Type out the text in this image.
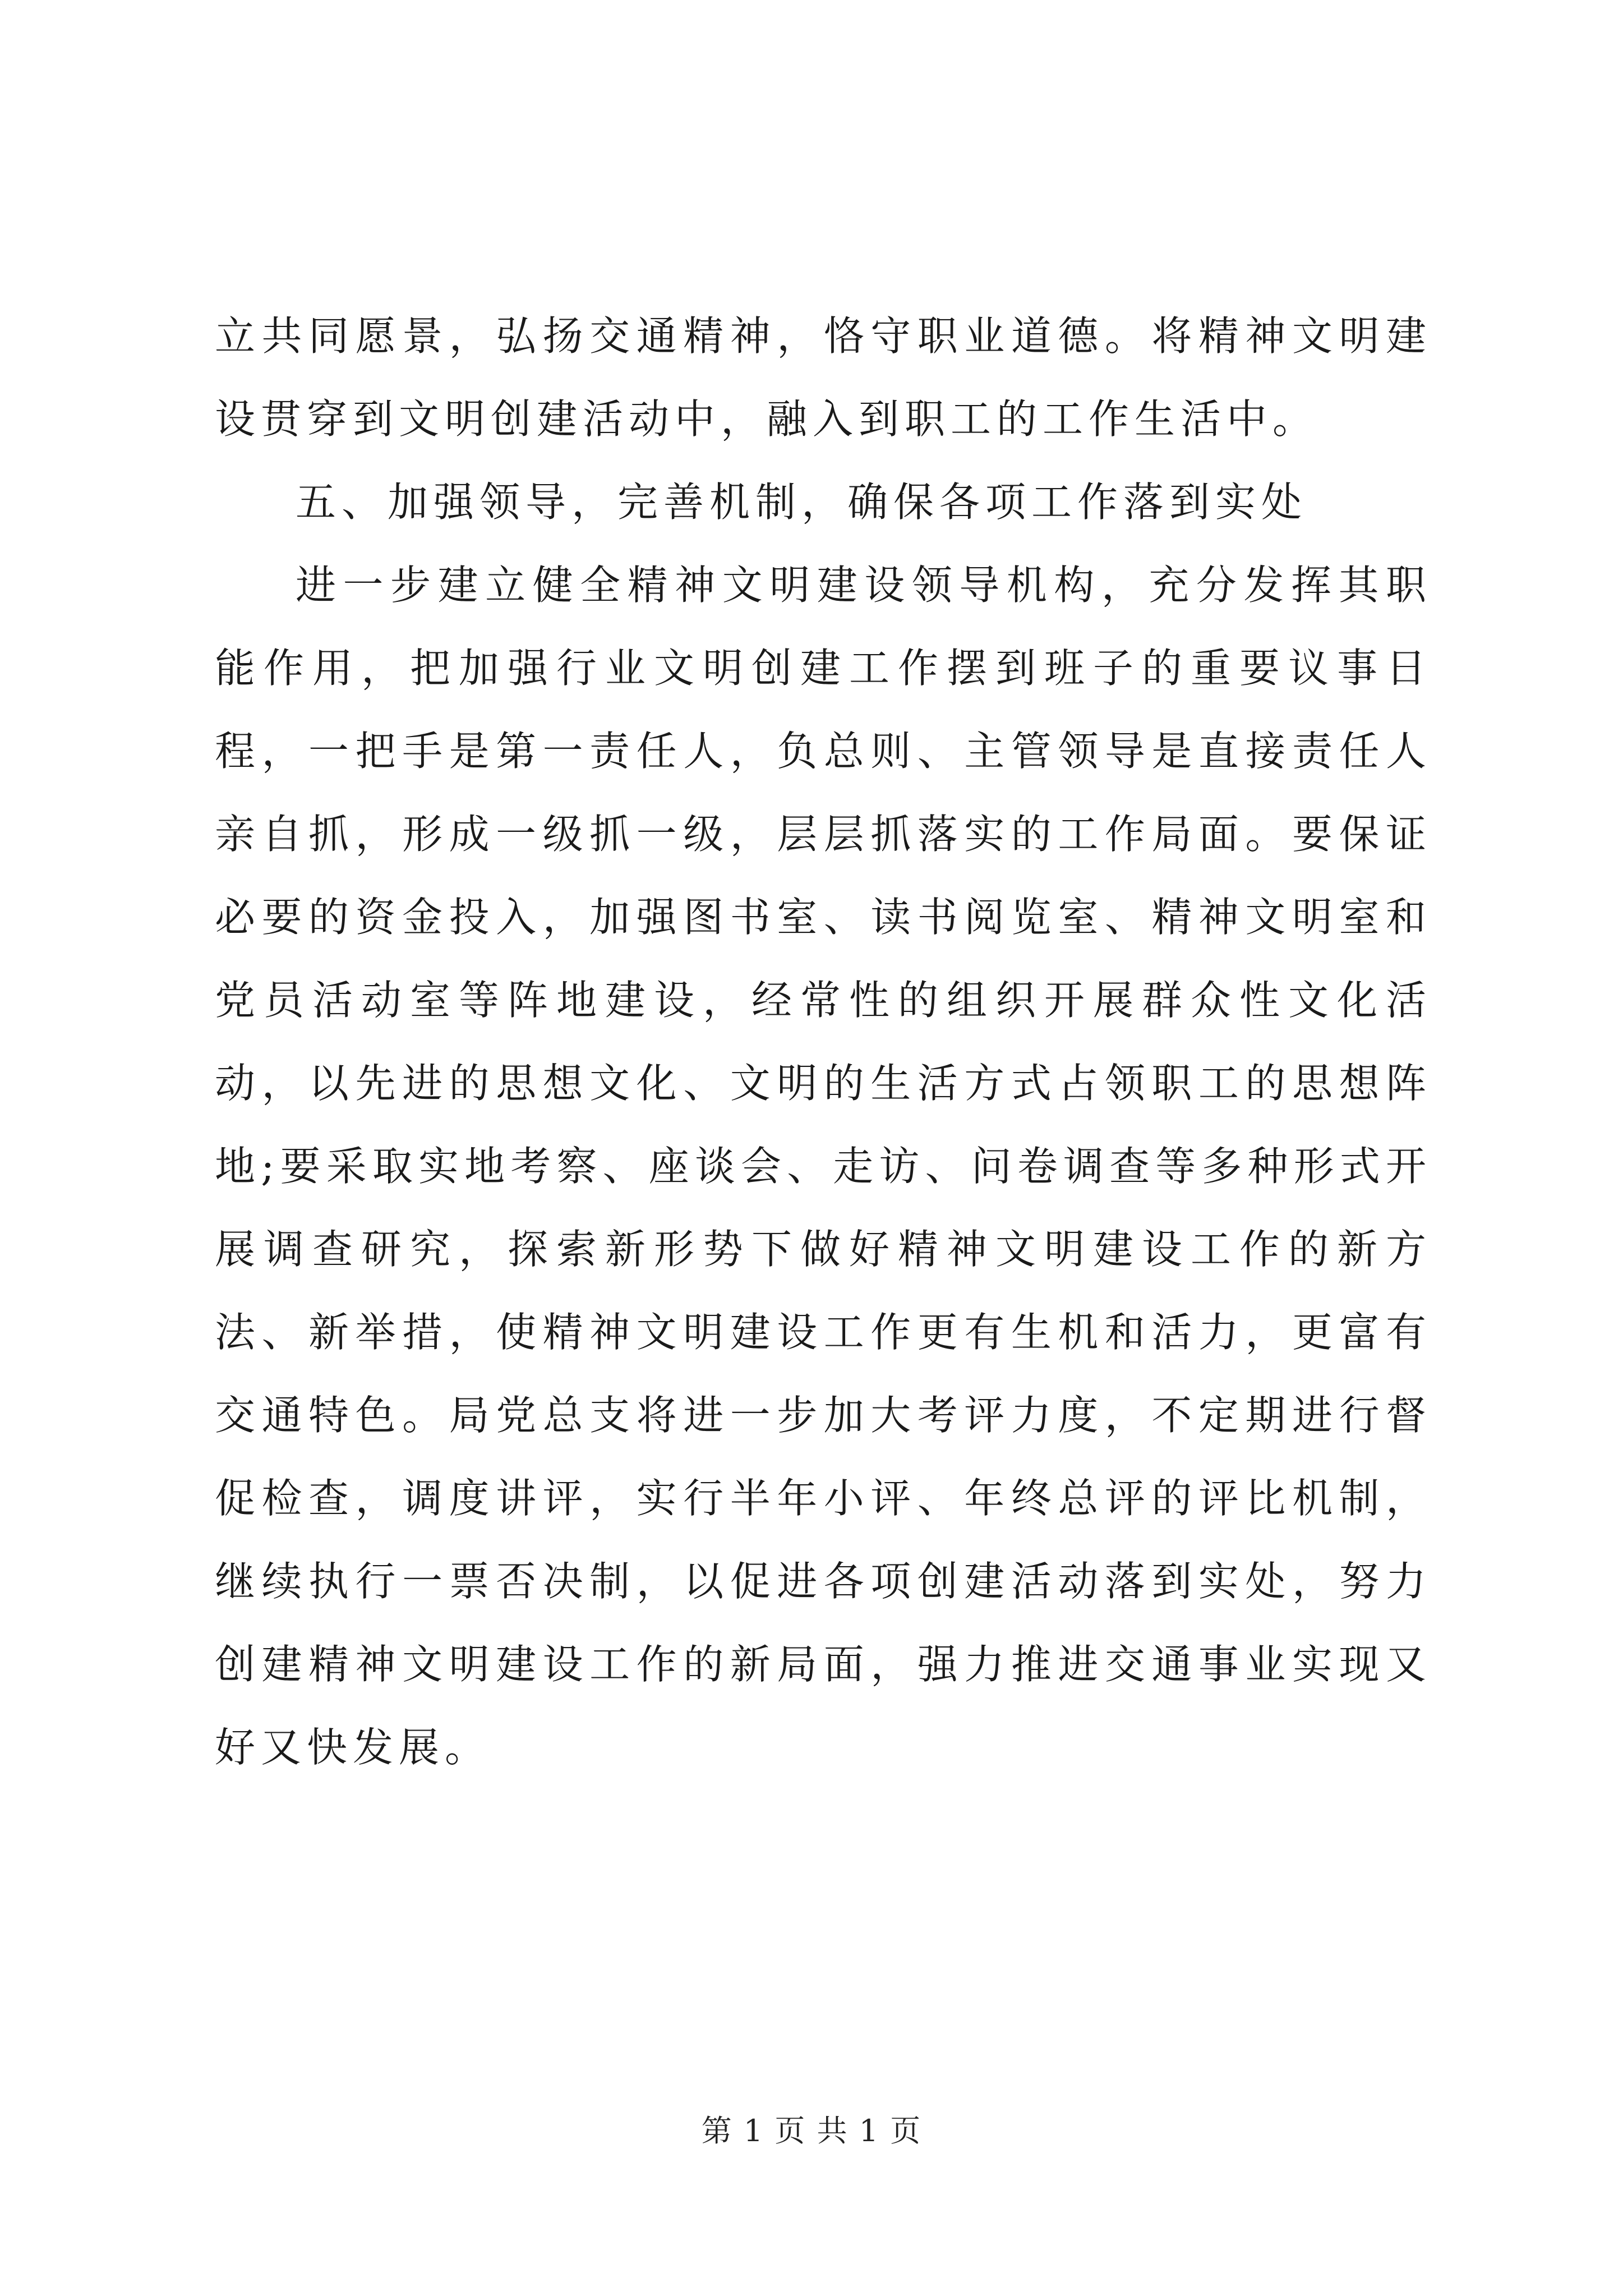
立共同愿景，弘扬交通精神，恪守职业道德。将精神文明建设贯穿到文明创建活动中，融入到职工的工作生活中。

五、加强领导，完善机制，确保各项工作落到实处

进一步建立健全精神文明建设领导机构，充分发挥其职能作用，把加强行业文明创建工作摆到班子的重要议事日程，一把手是第一责任人，负总则、主管领导是直接责任人亲自抓，形成一级抓一级，层层抓落实的工作局面。要保证必要的资金投入，加强图书室、读书阅览室、精神文明室和党员活动室等阵地建设，经常性的组织开展群众性文化活动，以先进的思想文化、文明的生活方式占领职工的思想阵地;要采取实地考察、座谈会、走访、问卷调查等多种形式开展调查研究，探索新形势下做好精神文明建设工作的新方法、新举措，使精神文明建设工作更有生机和活力，更富有交通特色。局党总支将进一步加大考评力度，不定期进行督促检查，调度讲评，实行半年小评、年终总评的评比机制，继续执行一票否决制，以促进各项创建活动落到实处，努力创建精神文明建设工作的新局面，强力推进交通事业实现又好又快发展。

第 1 页 共 1 页
